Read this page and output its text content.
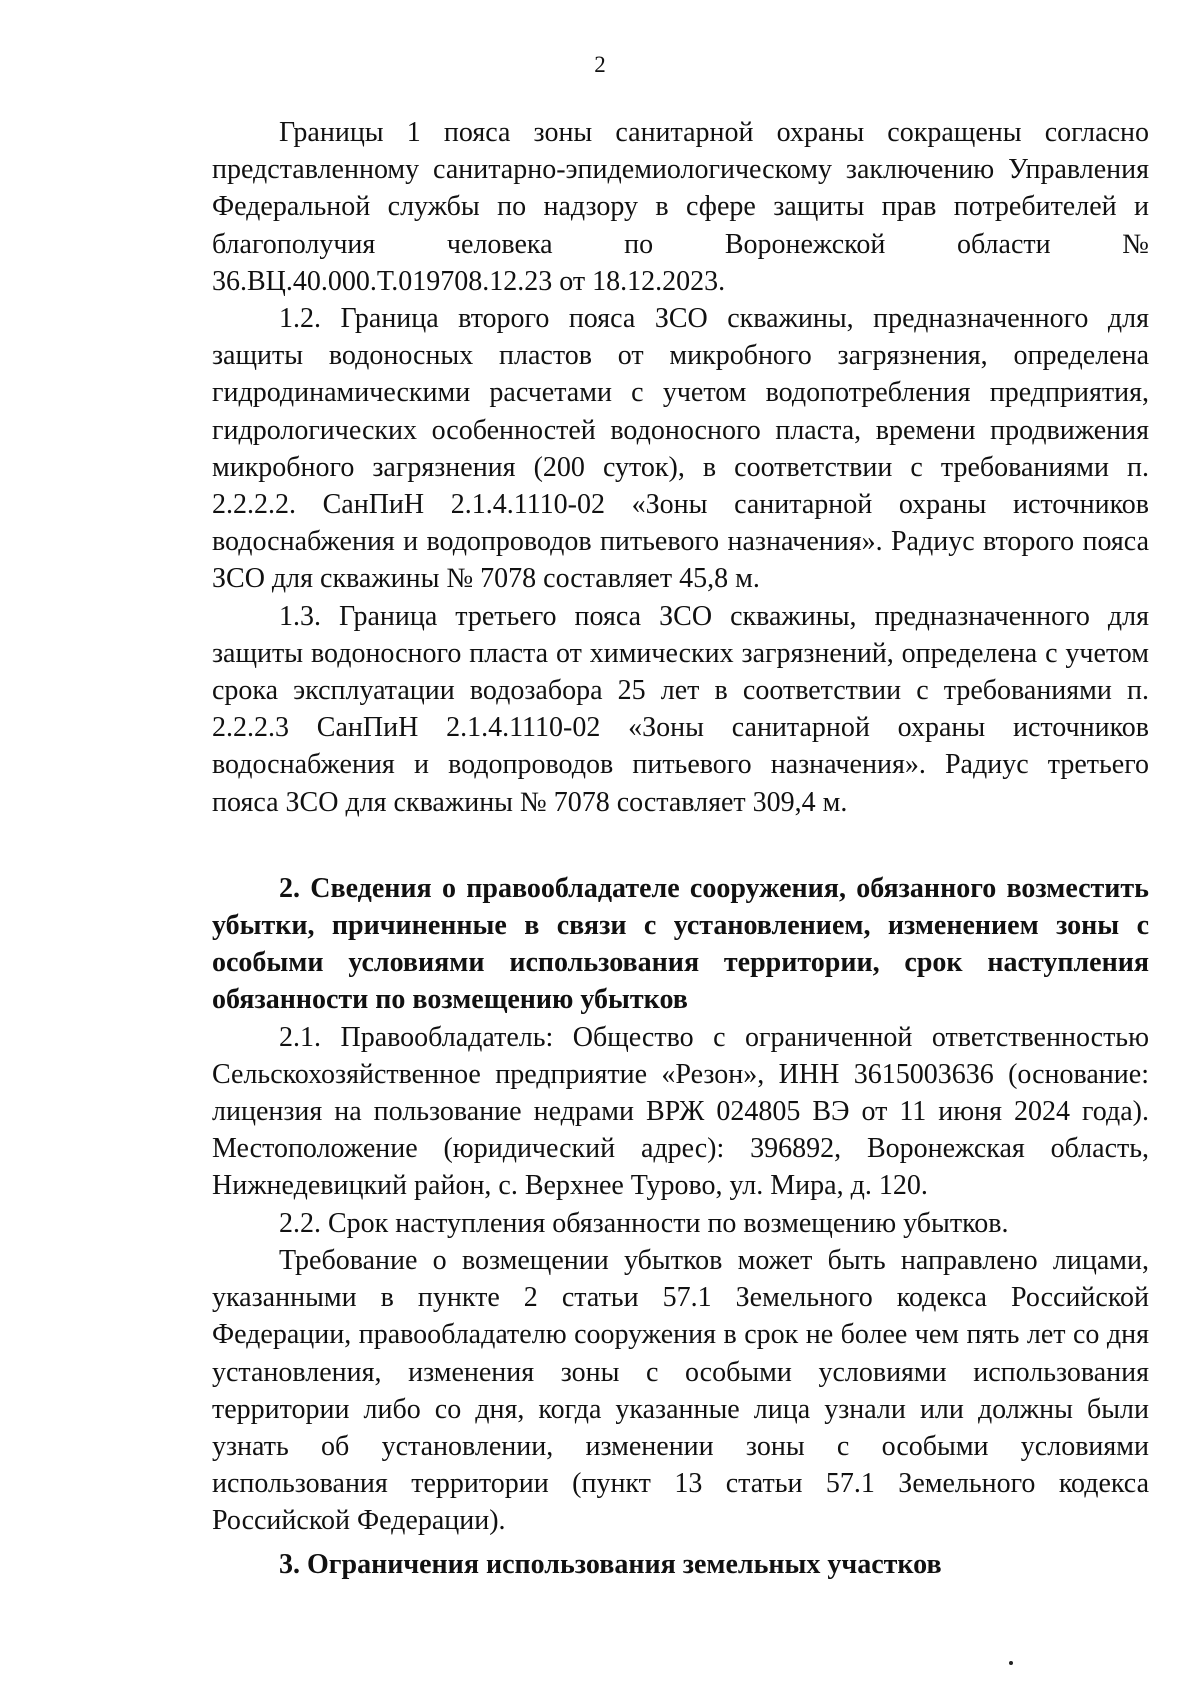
2

Границы 1 пояса зоны санитарной охраны сокращены согласно представленному санитарно-эпидемиологическому заключению Управления Федеральной службы по надзору в сфере защиты прав потребителей и благополучия человека по Воронежской области № 36.ВЦ.40.000.Т.019708.12.23 от 18.12.2023.

1.2. Граница второго пояса ЗСО скважины, предназначенного для защиты водоносных пластов от микробного загрязнения, определена гидродинамическими расчетами с учетом водопотребления предприятия, гидрологических особенностей водоносного пласта, времени продвижения микробного загрязнения (200 суток), в соответствии с требованиями п. 2.2.2.2. СанПиН 2.1.4.1110-02 «Зоны санитарной охраны источников водоснабжения и водопроводов питьевого назначения». Радиус второго пояса ЗСО для скважины № 7078 составляет 45,8 м.

1.3. Граница третьего пояса ЗСО скважины, предназначенного для защиты водоносного пласта от химических загрязнений, определена с учетом срока эксплуатации водозабора 25 лет в соответствии с требованиями п. 2.2.2.3 СанПиН 2.1.4.1110-02 «Зоны санитарной охраны источников водоснабжения и водопроводов питьевого назначения». Радиус третьего пояса ЗСО для скважины № 7078 составляет 309,4 м.

2. Сведения о правообладателе сооружения, обязанного возместить убытки, причиненные в связи с установлением, изменением зоны с особыми условиями использования территории, срок наступления обязанности по возмещению убытков

2.1. Правообладатель: Общество с ограниченной ответственностью Сельскохозяйственное предприятие «Резон», ИНН 3615003636 (основание: лицензия на пользование недрами ВРЖ 024805 ВЭ от 11 июня 2024 года). Местоположение (юридический адрес): 396892, Воронежская область, Нижнедевицкий район, с. Верхнее Турово, ул. Мира, д. 120.

2.2. Срок наступления обязанности по возмещению убытков.

Требование о возмещении убытков может быть направлено лицами, указанными в пункте 2 статьи 57.1 Земельного кодекса Российской Федерации, правообладателю сооружения в срок не более чем пять лет со дня установления, изменения зоны с особыми условиями использования территории либо со дня, когда указанные лица узнали или должны были узнать об установлении, изменении зоны с особыми условиями использования территории (пункт 13 статьи 57.1 Земельного кодекса Российской Федерации).

3. Ограничения использования земельных участков
